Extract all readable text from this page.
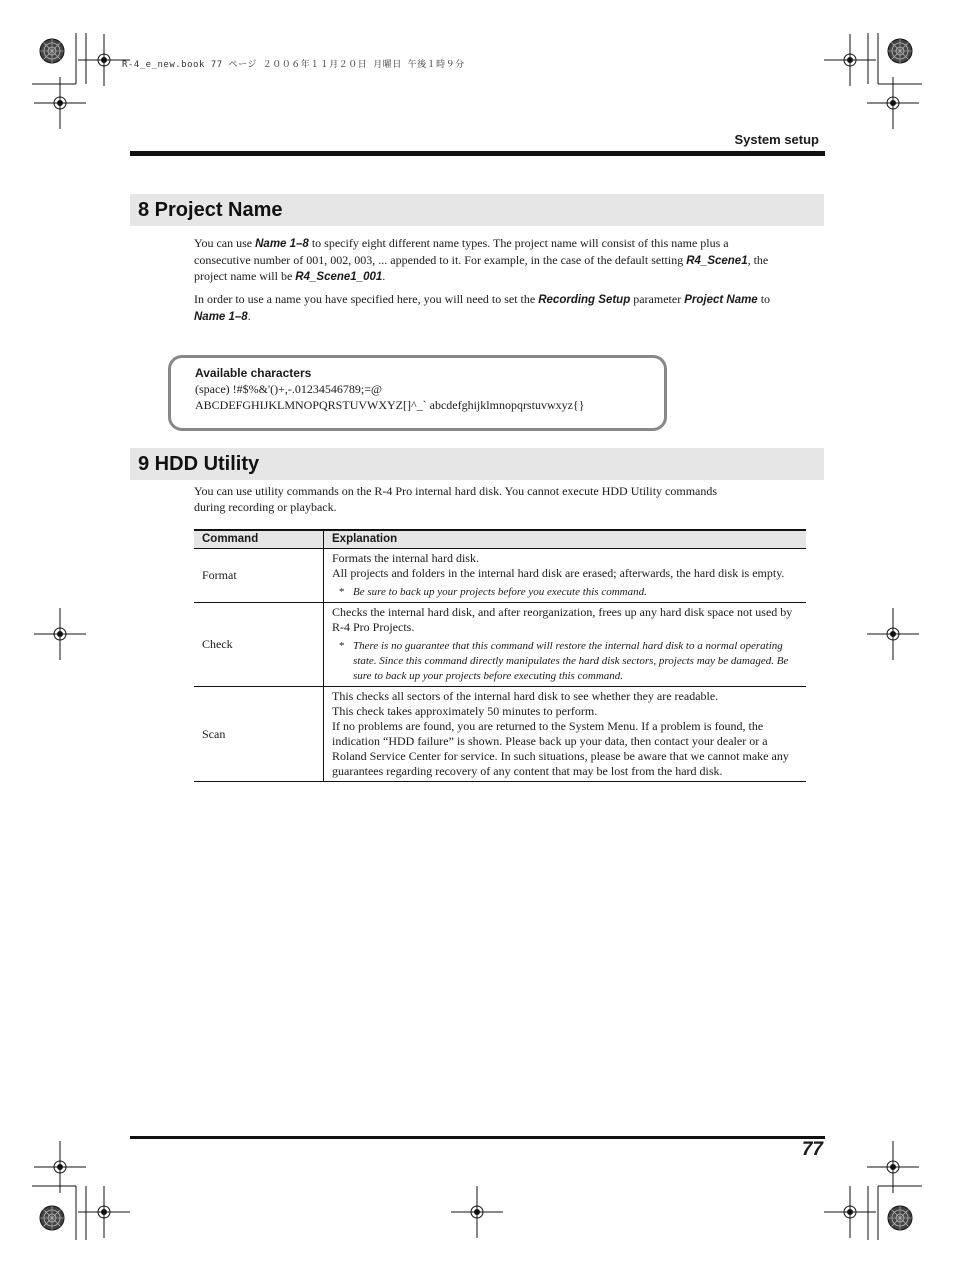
R-4_e_new.book 77 ページ ２００６年１１月２０日 月曜日 午後１時９分
System setup
8 Project Name

You can use Name 1–8 to specify eight different name types. The project name will consist of this name plus a consecutive number of 001, 002, 003, ... appended to it. For example, in the case of the default setting R4_Scene1, the project name will be R4_Scene1_001.

In order to use a name you have specified here, you will need to set the Recording Setup parameter Project Name to Name 1–8.

Available characters
(space) !#$%&'()+,-.01234546789;=@
ABCDEFGHIJKLMNOPQRSTUVWXYZ[]^_` abcdefghijklmnopqrstuvwxyz{}
9 HDD Utility

You can use utility commands on the R-4 Pro internal hard disk. You cannot execute HDD Utility commands during recording or playback.

Command	Explanation
Format	Formats the internal hard disk.
All projects and folders in the internal hard disk are erased; afterwards, the hard disk is empty.
* Be sure to back up your projects before you execute this command.

Check	Checks the internal hard disk, and after reorganization, frees up any hard disk space not used by R-4 Pro Projects.
* There is no guarantee that this command will restore the internal hard disk to a normal operating state. Since this command directly manipulates the hard disk sectors, projects may be damaged. Be sure to back up your projects before executing this command.

Scan	This checks all sectors of the internal hard disk to see whether they are readable.
This check takes approximately 50 minutes to perform.
If no problems are found, you are returned to the System Menu. If a problem is found, the indication “HDD failure” is shown. Please back up your data, then contact your dealer or a Roland Service Center for service. In such situations, please be aware that we cannot make any guarantees regarding recovery of any content that may be lost from the hard disk.
77
